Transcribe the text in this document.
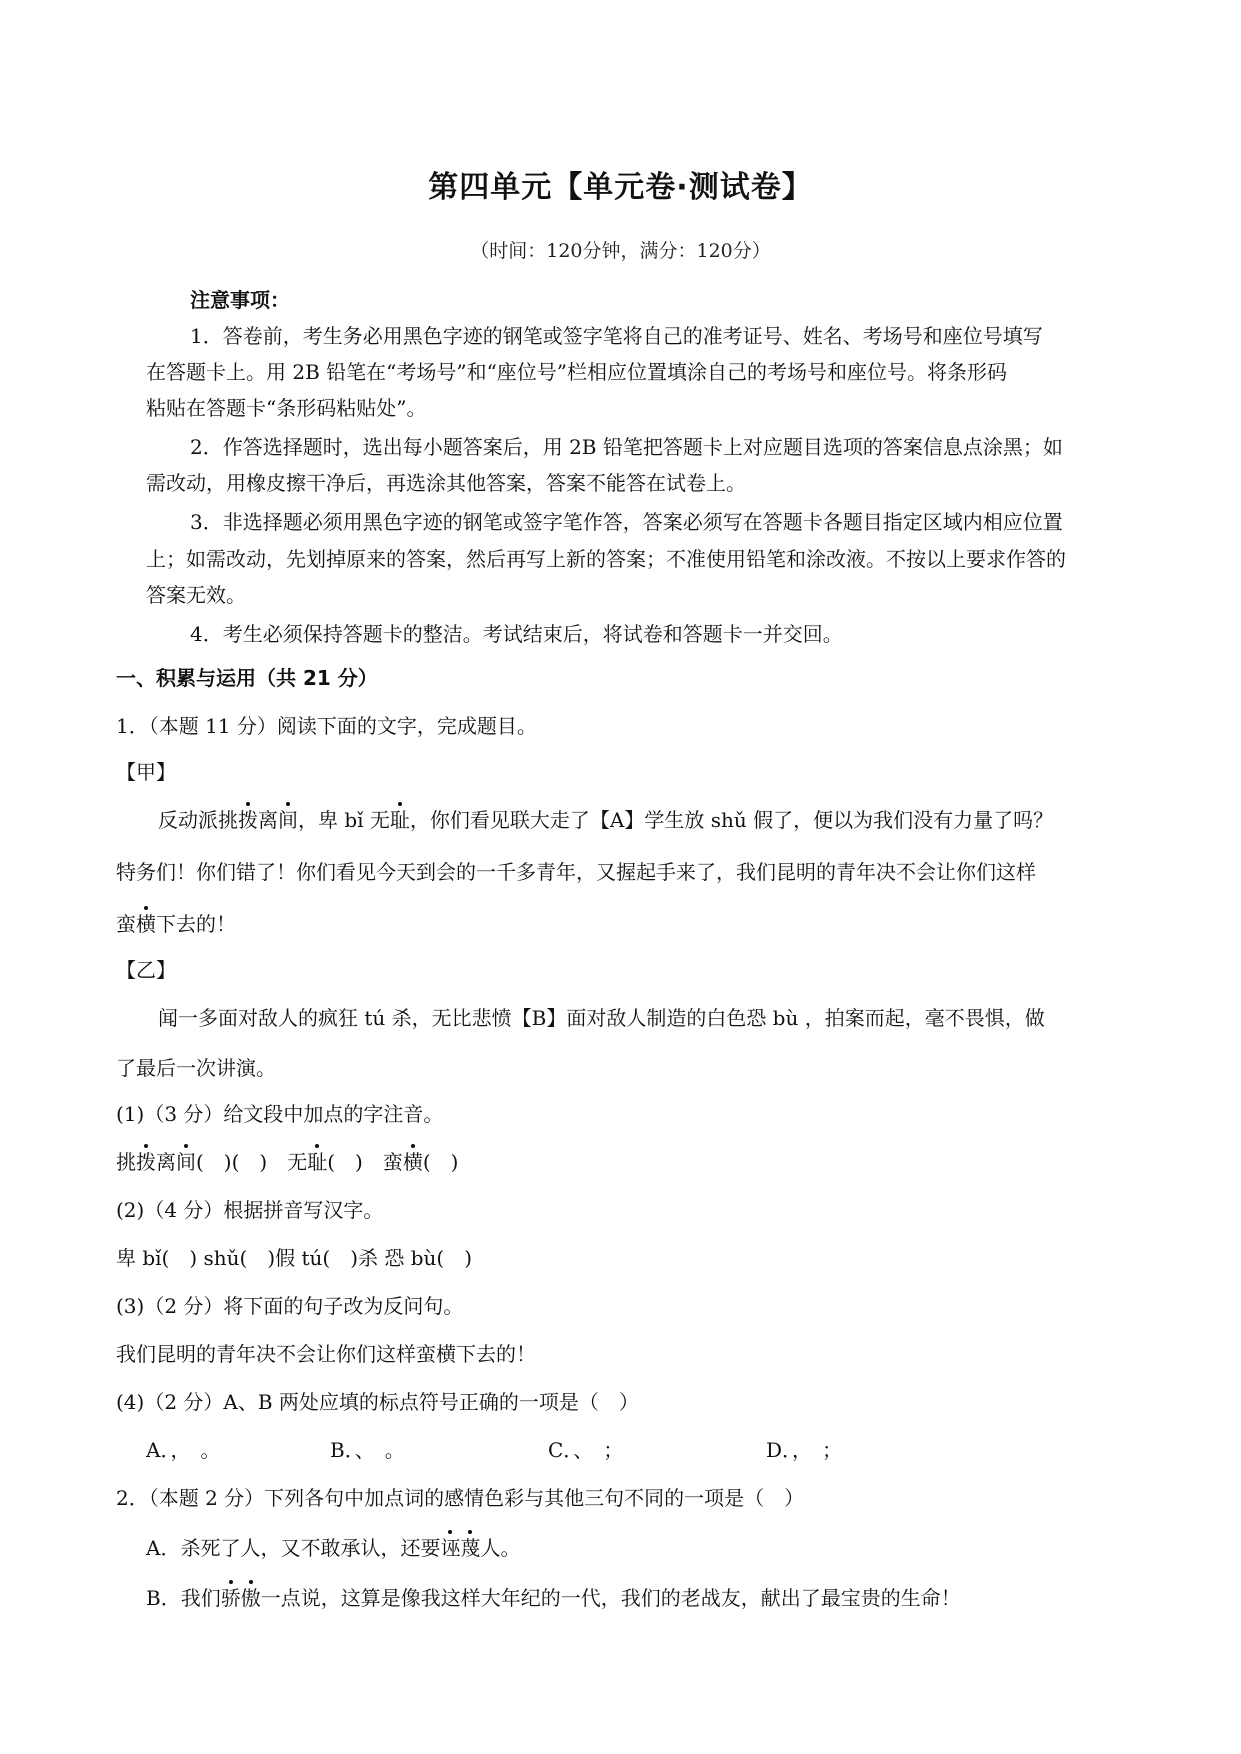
第四单元【单元卷·测试卷】
（时间：120分钟，满分：120分）
注意事项：
1．答卷前，考生务必用黑色字迹的钢笔或签字笔将自己的准考证号、姓名、考场号和座位号填写
在答题卡上。用 2B 铅笔在“考场号”和“座位号”栏相应位置填涂自己的考场号和座位号。将条形码
粘贴在答题卡“条形码粘贴处”。
2．作答选择题时，选出每小题答案后，用 2B 铅笔把答题卡上对应题目选项的答案信息点涂黑；如
需改动，用橡皮擦干净后，再选涂其他答案，答案不能答在试卷上。
3．非选择题必须用黑色字迹的钢笔或签字笔作答，答案必须写在答题卡各题目指定区域内相应位置
上；如需改动，先划掉原来的答案，然后再写上新的答案；不准使用铅笔和涂改液。不按以上要求作答的
答案无效。
4．考生必须保持答题卡的整洁。考试结束后，将试卷和答题卡一并交回。
一、积累与运用（共 21 分）
1．（本题 11 分）阅读下面的文字，完成题目。
【甲】
反动派挑拨离间，卑 bǐ 无耻，你们看见联大走了【A】学生放 shǔ 假了，便以为我们没有力量了吗？
特务们！你们错了！你们看见今天到会的一千多青年，又握起手来了，我们昆明的青年决不会让你们这样
蛮横下去的！
【乙】
闻一多面对敌人的疯狂 tú 杀，无比悲愤【B】面对敌人制造的白色恐 bù ，拍案而起，毫不畏惧，做
了最后一次讲演。
(1)（3 分）给文段中加点的字注音。
挑拨离间(　)(　)　无耻(　)　蛮横(　)
(2)（4 分）根据拼音写汉字。
卑 bǐ(　) shǔ(　)假 tú(　)杀 恐 bù(　)
(3)（2 分）将下面的句子改为反问句。
我们昆明的青年决不会让你们这样蛮横下去的！
(4)（2 分）A、B 两处应填的标点符号正确的一项是（　）
A．，　。	B．、　。	C．、　；	D．，　；
2．（本题 2 分）下列各句中加点词的感情色彩与其他三句不同的一项是（　）
A．杀死了人，又不敢承认，还要诬蔑人。
B．我们骄傲一点说，这算是像我这样大年纪的一代，我们的老战友，献出了最宝贵的生命！
